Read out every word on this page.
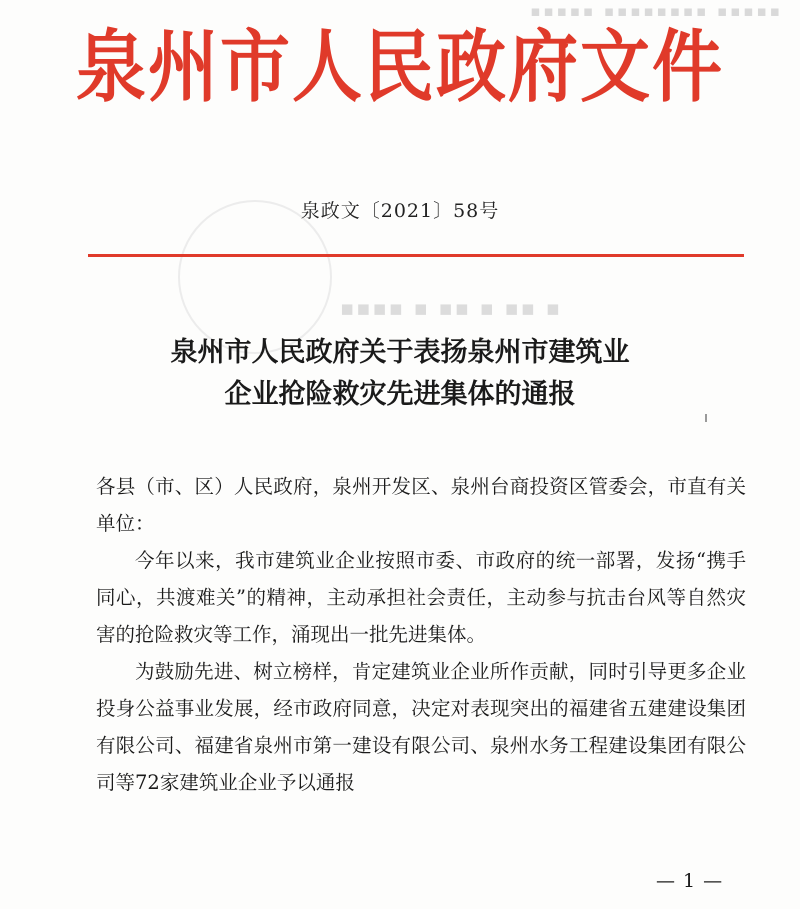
▪▪▪▪▪ ▪▪▪▪▪▪▪▪ ▪▪▪▪▪
泉州市人民政府文件
泉政文〔2021〕58号
▪▪▪▪ ▪ ▪▪ ▪ ▪▪ ▪
泉州市人民政府关于表扬泉州市建筑业
企业抢险救灾先进集体的通报

各县（市、区）人民政府，泉州开发区、泉州台商投资区管委会，市直有关单位：

今年以来，我市建筑业企业按照市委、市政府的统一部署，发扬“携手同心，共渡难关”的精神，主动承担社会责任，主动参与抗击台风等自然灾害的抢险救灾等工作，涌现出一批先进集体。

为鼓励先进、树立榜样，肯定建筑业企业所作贡献，同时引导更多企业投身公益事业发展，经市政府同意，决定对表现突出的福建省五建建设集团有限公司、福建省泉州市第一建设有限公司、泉州水务工程建设集团有限公司等72家建筑业企业予以通报

— 1 —
